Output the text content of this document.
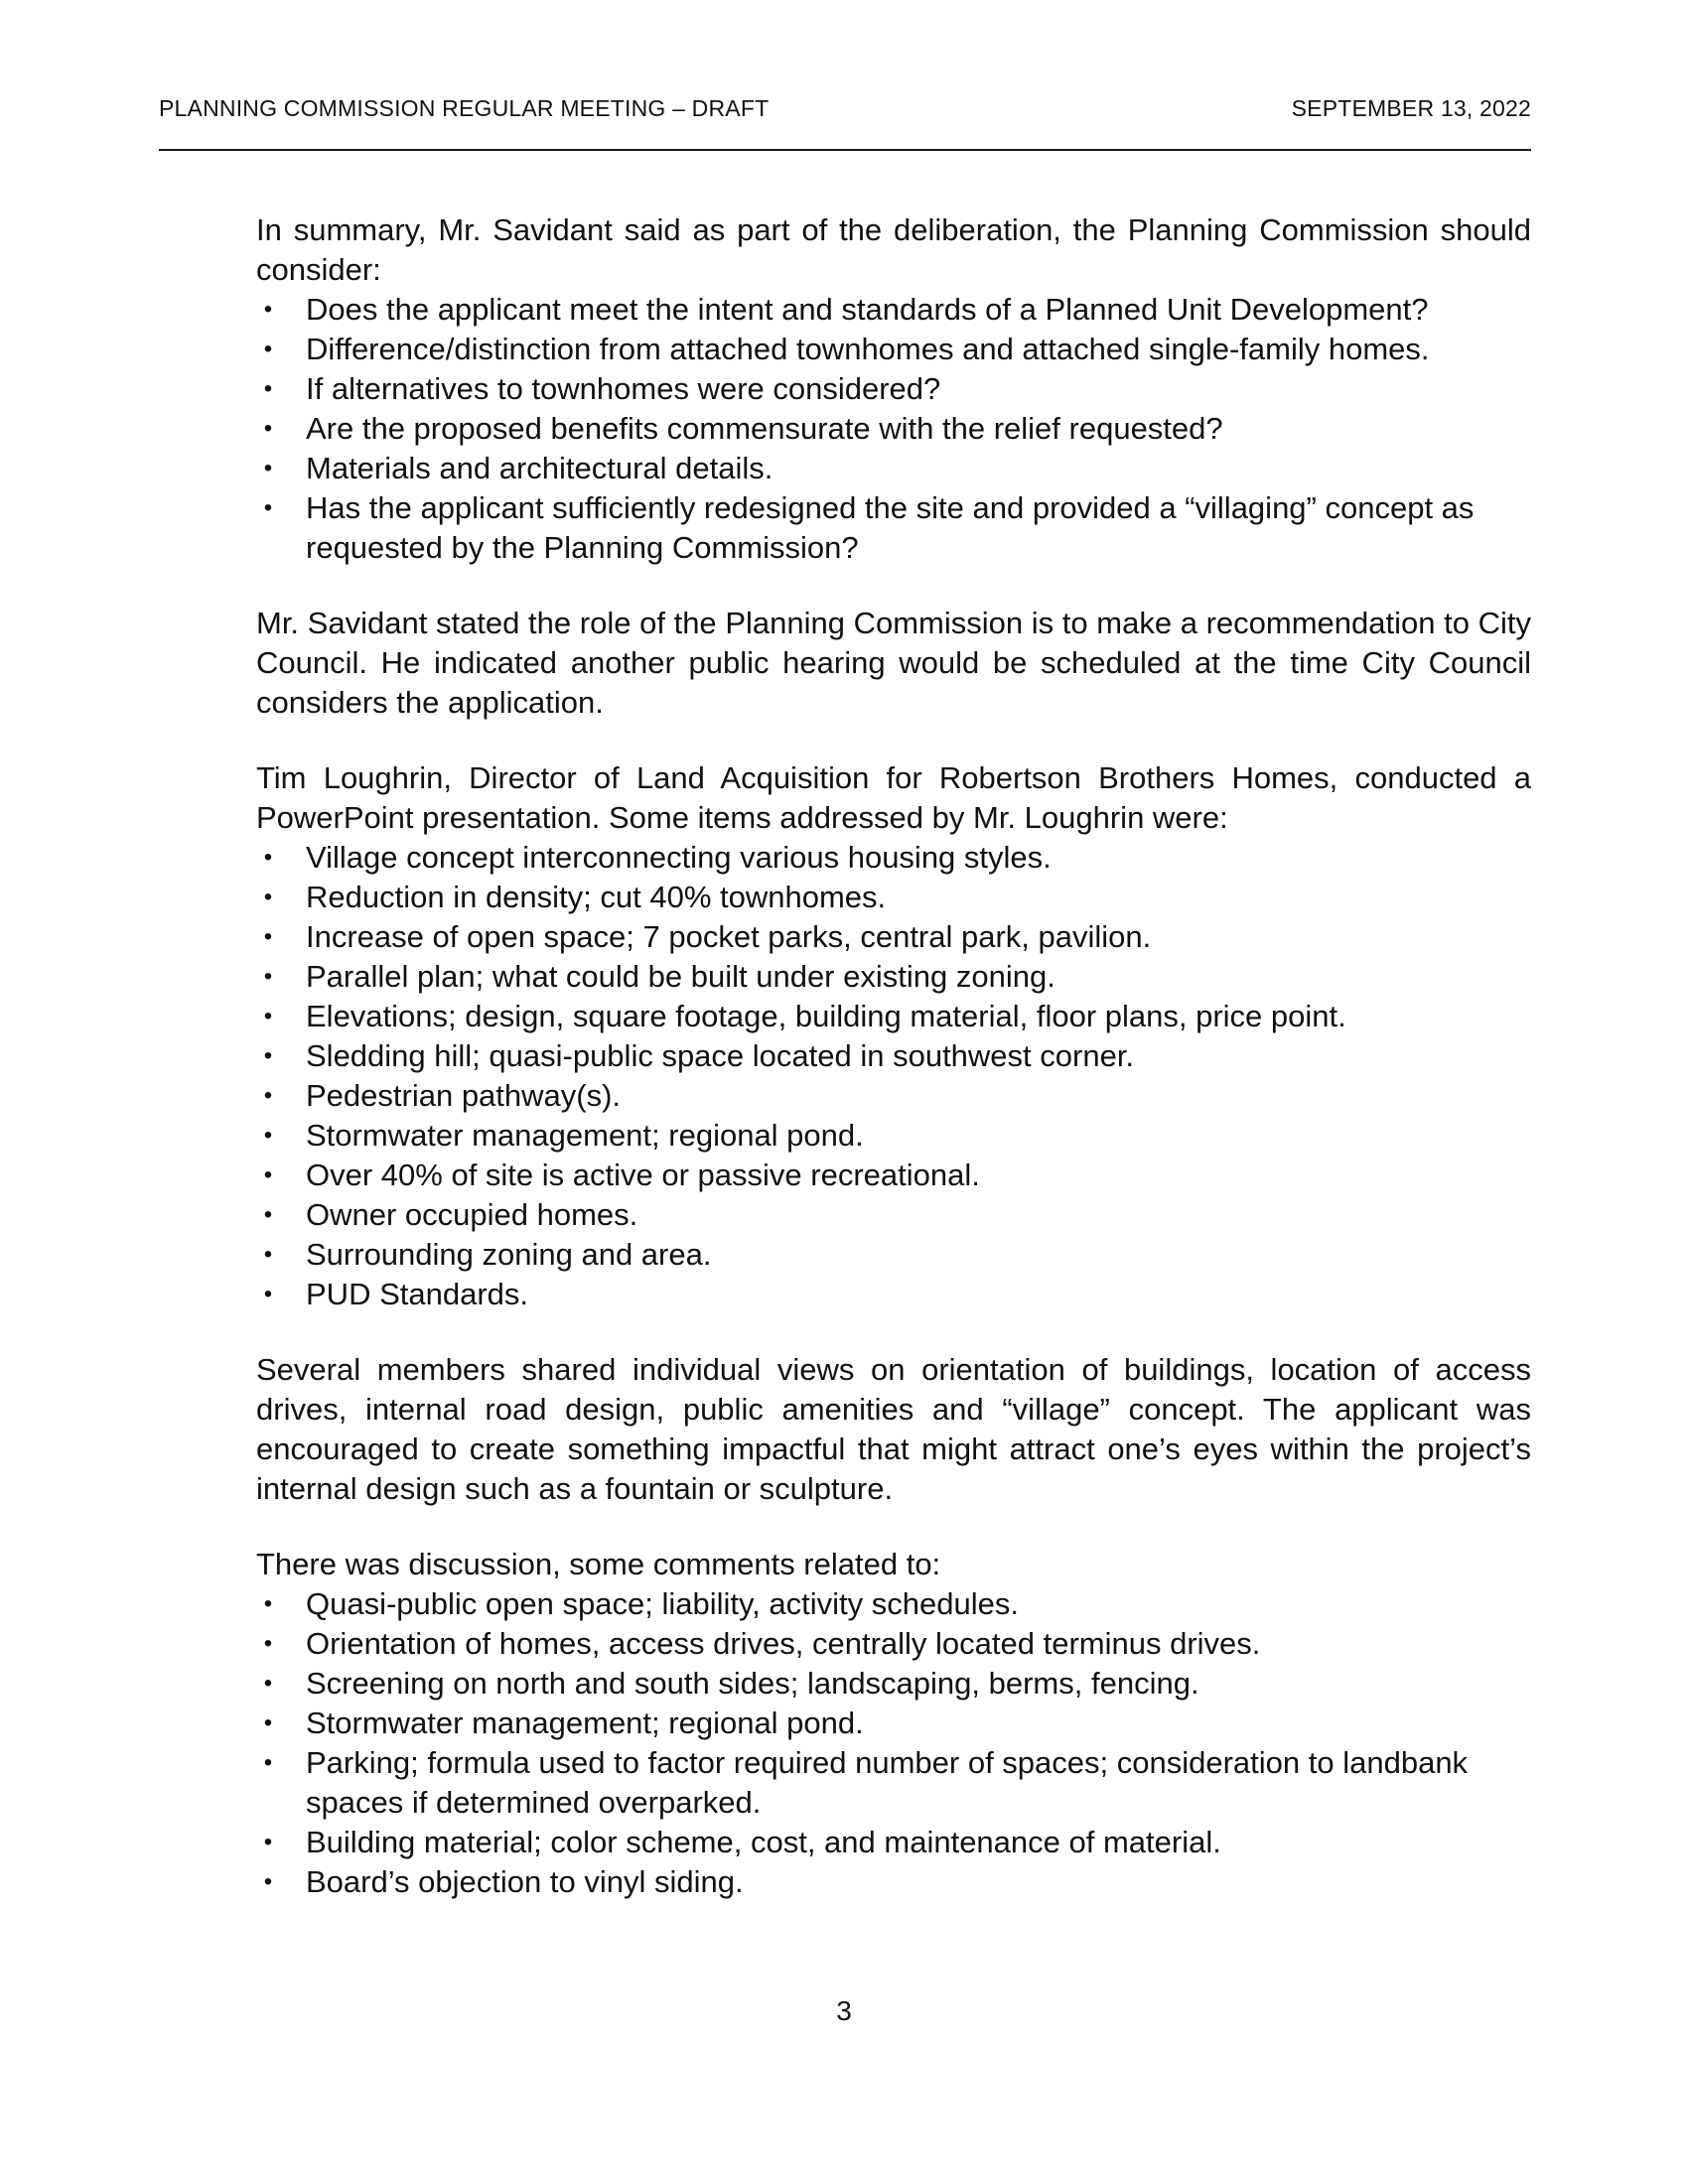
PLANNING COMMISSION REGULAR MEETING – DRAFT	SEPTEMBER 13, 2022

In summary, Mr. Savidant said as part of the deliberation, the Planning Commission should consider:

• Does the applicant meet the intent and standards of a Planned Unit Development?
• Difference/distinction from attached townhomes and attached single-family homes.
• If alternatives to townhomes were considered?
• Are the proposed benefits commensurate with the relief requested?
• Materials and architectural details.
• Has the applicant sufficiently redesigned the site and provided a “villaging” concept as requested by the Planning Commission?

Mr. Savidant stated the role of the Planning Commission is to make a recommendation to City Council. He indicated another public hearing would be scheduled at the time City Council considers the application.

Tim Loughrin, Director of Land Acquisition for Robertson Brothers Homes, conducted a PowerPoint presentation. Some items addressed by Mr. Loughrin were:

• Village concept interconnecting various housing styles.
• Reduction in density; cut 40% townhomes.
• Increase of open space; 7 pocket parks, central park, pavilion.
• Parallel plan; what could be built under existing zoning.
• Elevations; design, square footage, building material, floor plans, price point.
• Sledding hill; quasi-public space located in southwest corner.
• Pedestrian pathway(s).
• Stormwater management; regional pond.
• Over 40% of site is active or passive recreational.
• Owner occupied homes.
• Surrounding zoning and area.
• PUD Standards.

Several members shared individual views on orientation of buildings, location of access drives, internal road design, public amenities and “village” concept. The applicant was encouraged to create something impactful that might attract one’s eyes within the project’s internal design such as a fountain or sculpture.

There was discussion, some comments related to:

• Quasi-public open space; liability, activity schedules.
• Orientation of homes, access drives, centrally located terminus drives.
• Screening on north and south sides; landscaping, berms, fencing.
• Stormwater management; regional pond.
• Parking; formula used to factor required number of spaces; consideration to landbank spaces if determined overparked.
• Building material; color scheme, cost, and maintenance of material.
• Board’s objection to vinyl siding.
3
